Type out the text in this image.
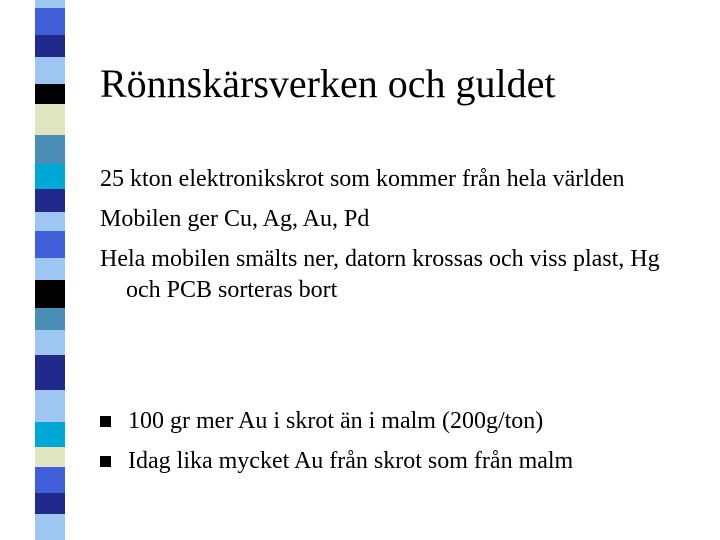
Rönnskärsverken och guldet
25 kton elektronikskrot som kommer från hela världen
Mobilen ger Cu, Ag, Au, Pd
Hela mobilen smälts ner, datorn krossas och viss plast, Hg och PCB sorteras bort
100 gr mer Au i skrot än i malm (200g/ton)
Idag lika mycket Au från skrot som från malm
